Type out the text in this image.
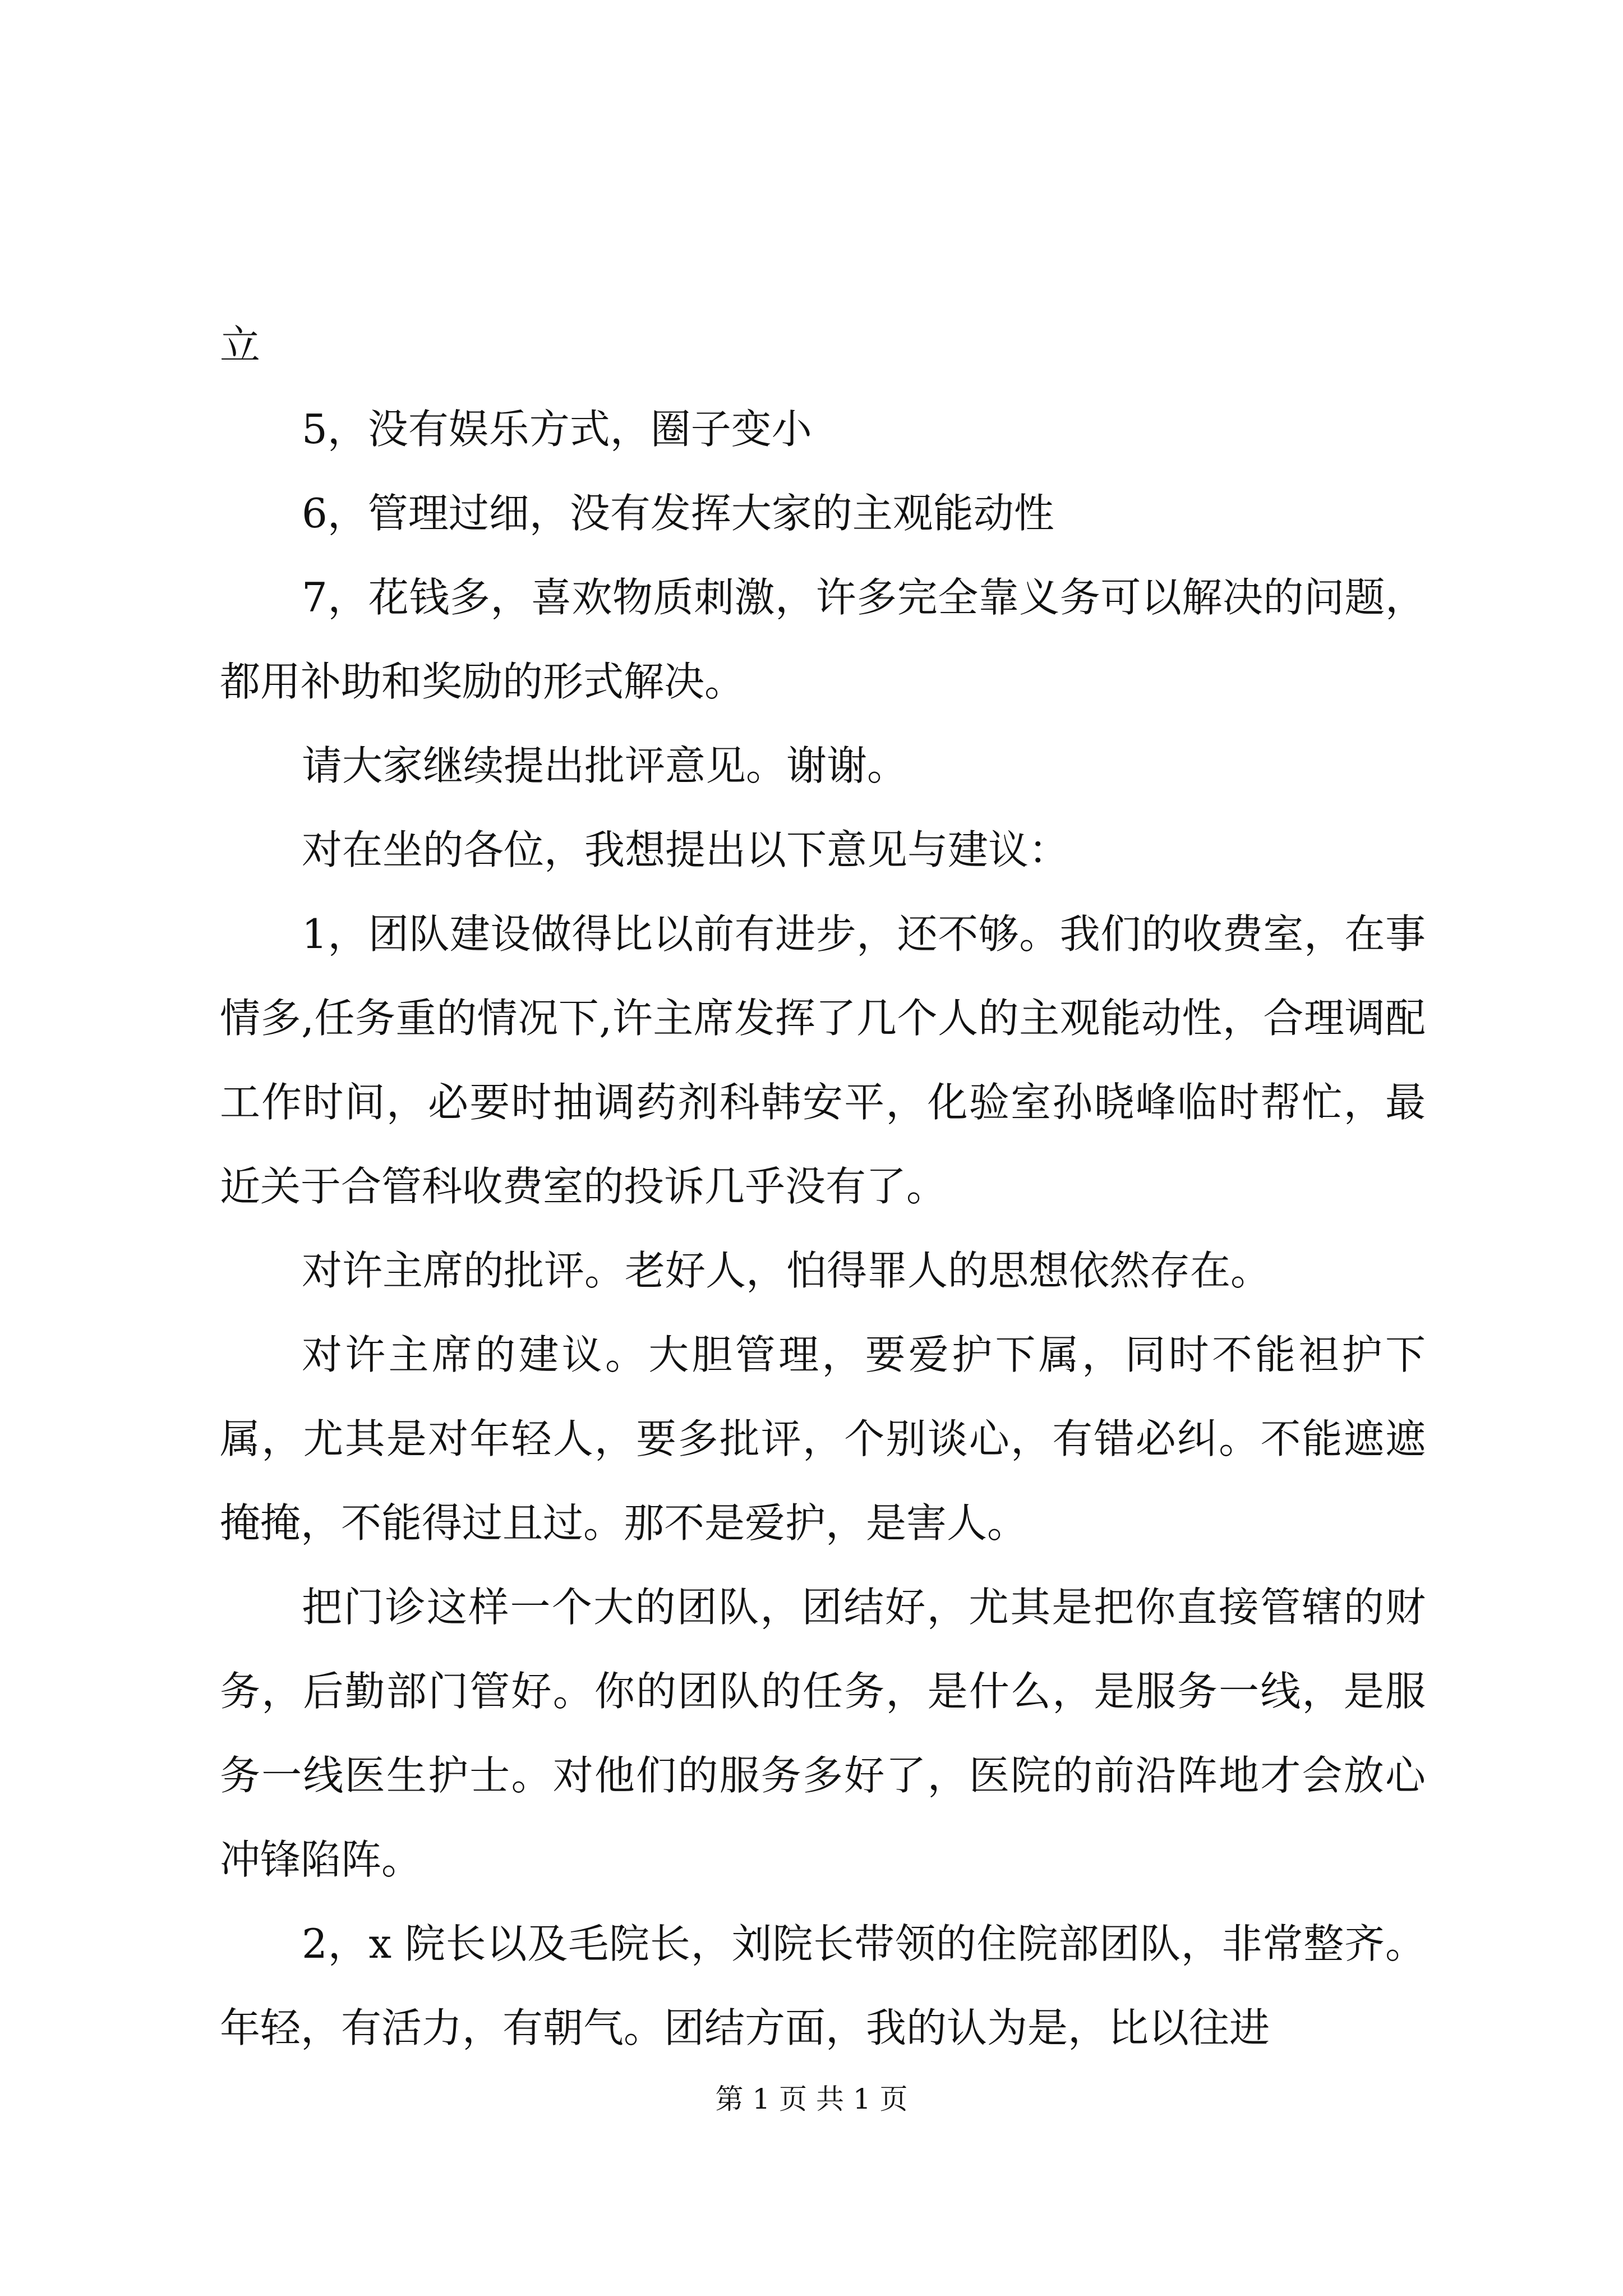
立

5，没有娱乐方式，圈子变小

6，管理过细，没有发挥大家的主观能动性

7，花钱多，喜欢物质刺激，许多完全靠义务可以解决的问题，都用补助和奖励的形式解决。

请大家继续提出批评意见。谢谢。

对在坐的各位，我想提出以下意见与建议：

1，团队建设做得比以前有进步，还不够。我们的收费室，在事情多,任务重的情况下,许主席发挥了几个人的主观能动性，合理调配工作时间，必要时抽调药剂科韩安平，化验室孙晓峰临时帮忙，最近关于合管科收费室的投诉几乎没有了。

对许主席的批评。老好人，怕得罪人的思想依然存在。

对许主席的建议。大胆管理，要爱护下属，同时不能袒护下属，尤其是对年轻人，要多批评，个别谈心，有错必纠。不能遮遮掩掩，不能得过且过。那不是爱护，是害人。

把门诊这样一个大的团队，团结好，尤其是把你直接管辖的财务，后勤部门管好。你的团队的任务，是什么，是服务一线，是服务一线医生护士。对他们的服务多好了，医院的前沿阵地才会放心冲锋陷阵。

2，x 院长以及毛院长，刘院长带领的住院部团队，非常整齐。年轻，有活力，有朝气。团结方面，我的认为是，比以往进

第 1 页 共 1 页
